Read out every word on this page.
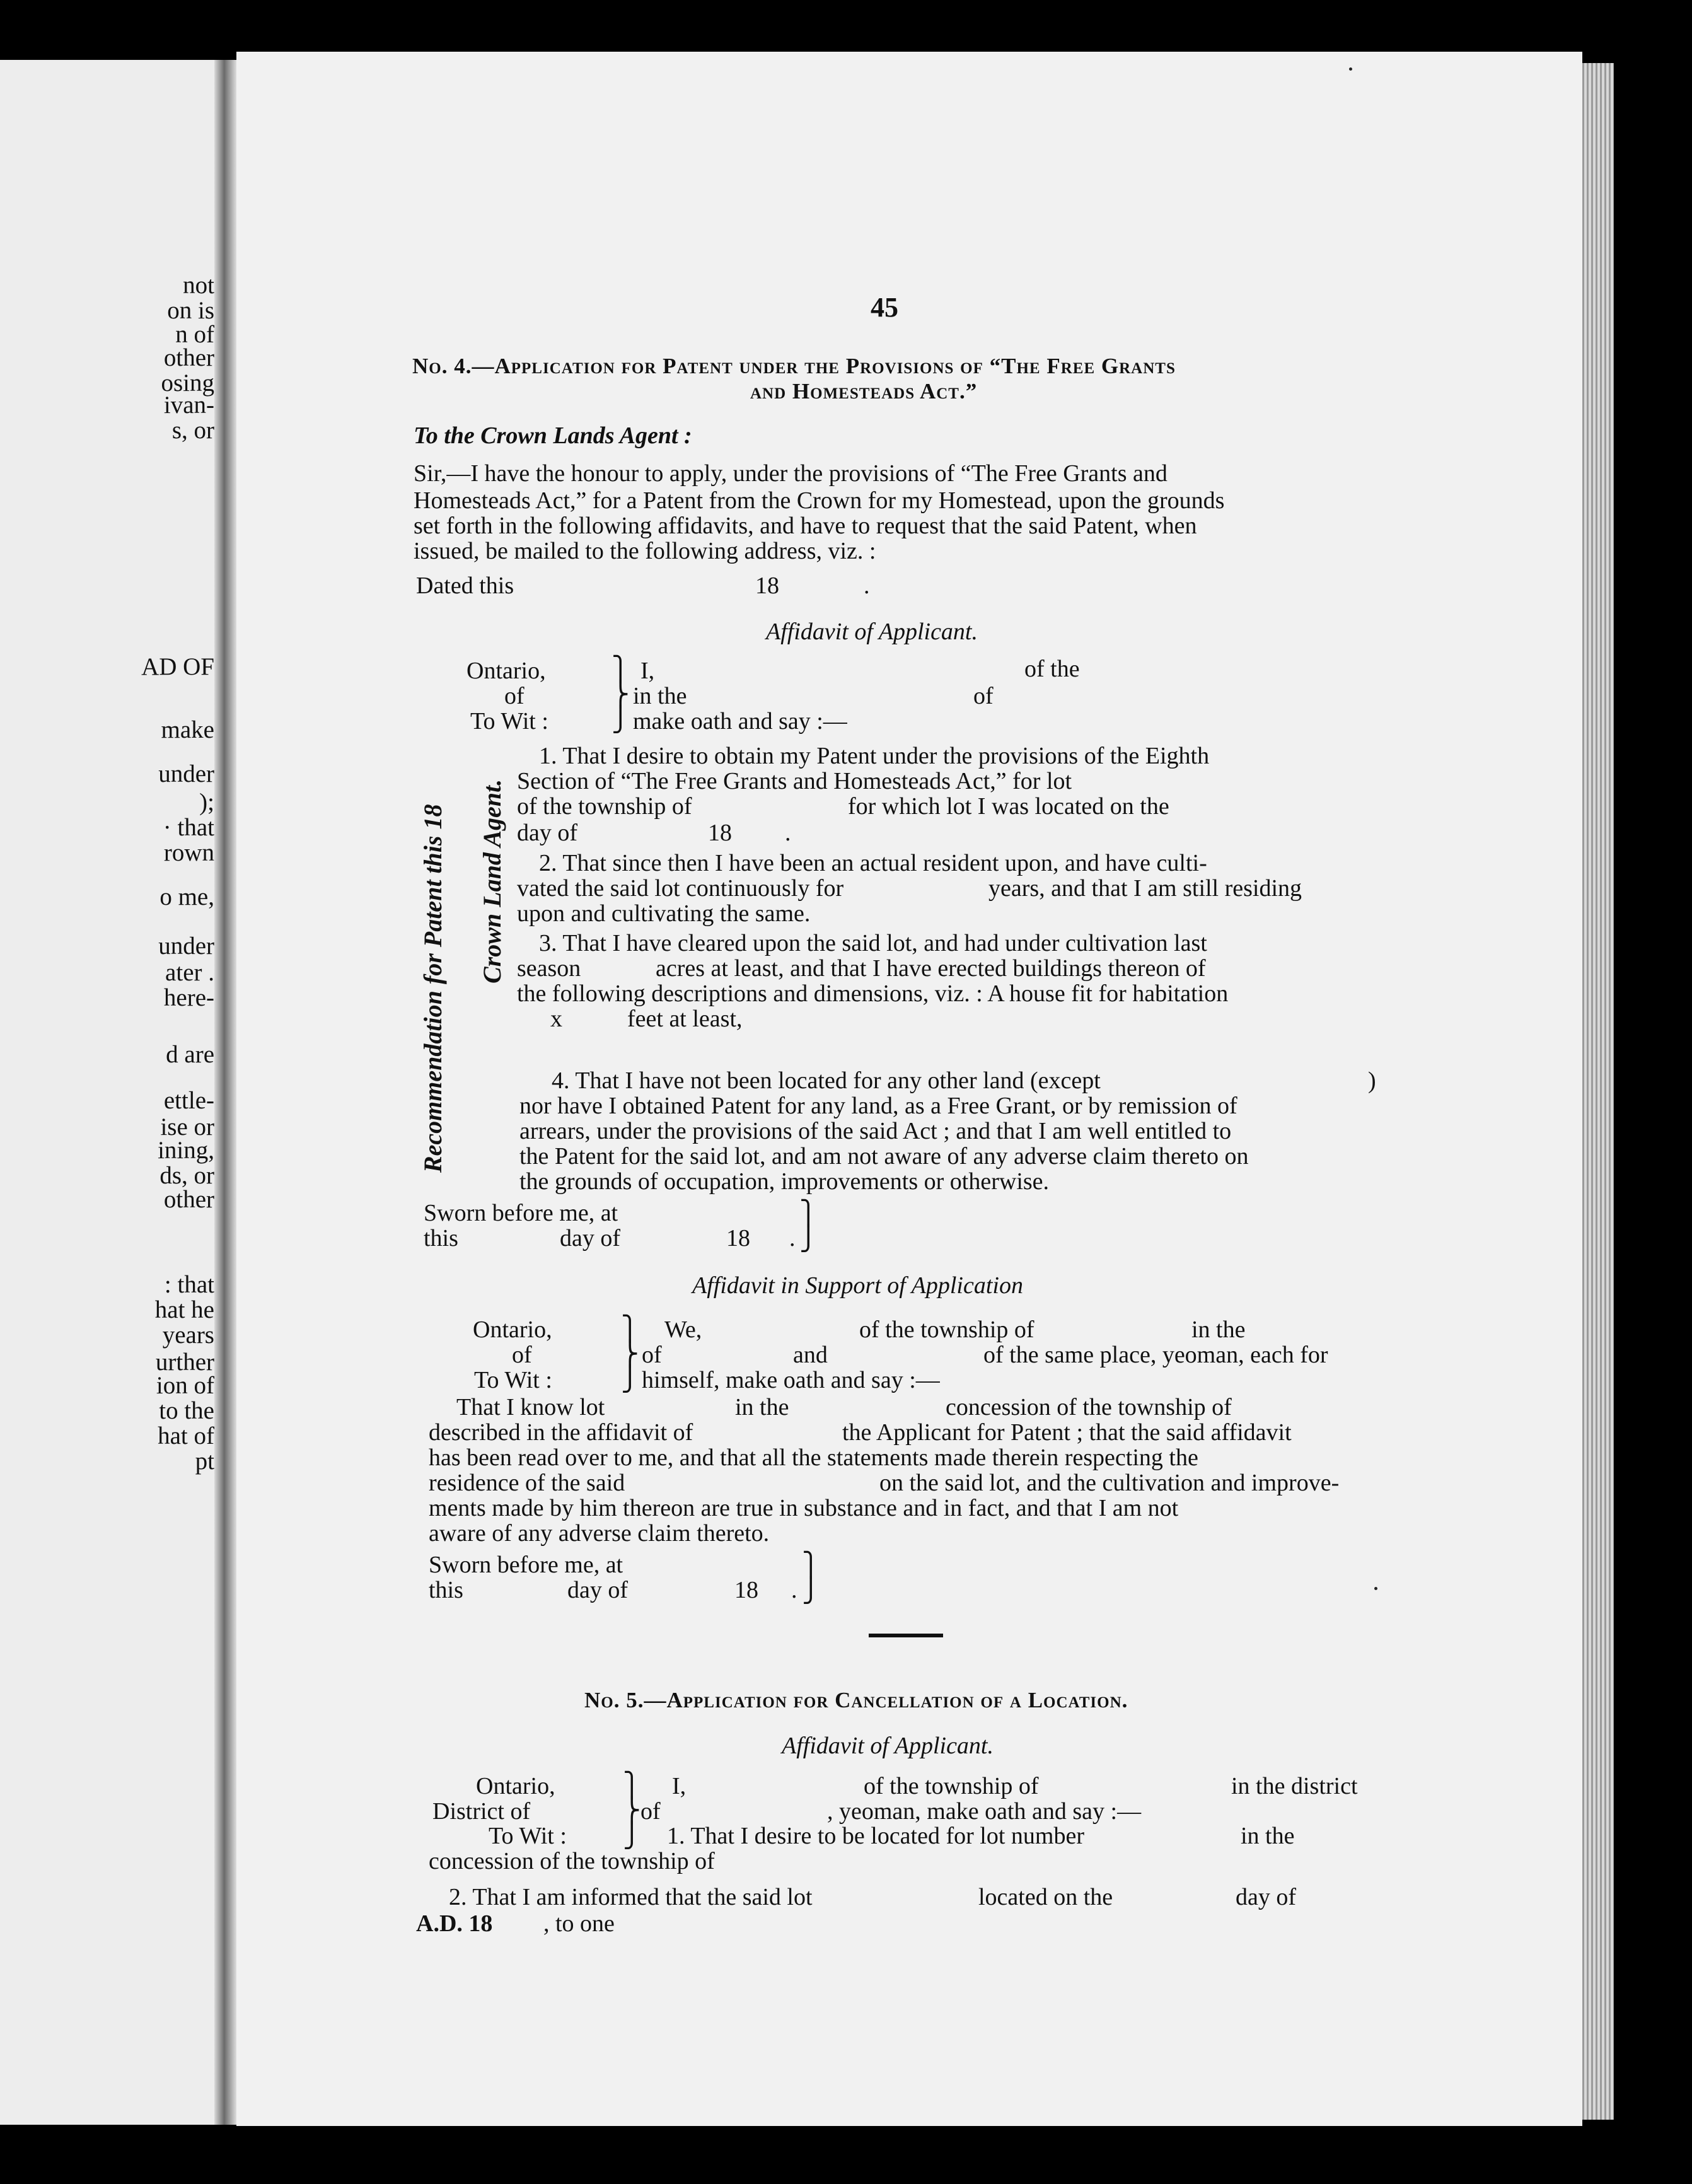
not
on is
n of
other
osing
ivan-
s, or
AD OF
make
under
);
· that
rown
o me,
under
ater .
here-
d are
ettle-
ise or
ining,
ds, or
other
: that
hat he
years
urther
ion of
to the
hat of
pt
45
No. 4.—Application for Patent under the Provisions of “The Free Grants
and Homesteads Act.”
To the Crown Lands Agent :
Sir,—I have the honour to apply, under the provisions of “The Free Grants and
Homesteads Act,” for a Patent from the Crown for my Homestead, upon the grounds
set forth in the following affidavits, and have to request that the said Patent, when
issued, be mailed to the following address, viz. :
Dated this	18	.
Affidavit of Applicant.
Ontario,
of
To Wit :
⎫
⎬
⎭
I,	of the
in the	of
make oath and say :—
Recommendation for Patent this 18 Crown Land Agent.
1. That I desire to obtain my Patent under the provisions of the Eighth
Section of “The Free Grants and Homesteads Act,” for lot
of the township of	for which lot I was located on the
day of	18 .
2. That since then I have been an actual resident upon, and have culti-
vated the said lot continuously for	years, and that I am still residing
upon and cultivating the same.
3. That I have cleared upon the said lot, and had under cultivation last
season	acres at least, and that I have erected buildings thereon of
the following descriptions and dimensions, viz. : A house fit for habitation
x	feet at least,
4. That I have not been located for any other land (except	)
nor have I obtained Patent for any land, as a Free Grant, or by remission of
arrears, under the provisions of the said Act ; and that I am well entitled to
the Patent for the said lot, and am not aware of any adverse claim thereto on
the grounds of occupation, improvements or otherwise.
Sworn before me, at
this	day of	18 .
⎫
⎭
Affidavit in Support of Application
Ontario,
of
To Wit :
⎫
⎬
⎭
We,	of the township of	in the
of	and	of the same place, yeoman, each for
himself, make oath and say :—
That I know lot	in the	concession of the township of
described in the affidavit of	the Applicant for Patent ; that the said affidavit
has been read over to me, and that all the statements made therein respecting the
residence of the said	on the said lot, and the cultivation and improve-
ments made by him thereon are true in substance and in fact, and that I am not
aware of any adverse claim thereto.
Sworn before me, at
this	day of	18 .
⎫
⎭
No. 5.—Application for Cancellation of a Location.
Affidavit of Applicant.
Ontario,
District of
To Wit :
⎫
⎬
⎭
I,	of the township of	in the district
of	, yeoman, make oath and say :—
1. That I desire to be located for lot number	in the
concession of the township of
2. That I am informed that the said lot	located on the	day of
A.D. 18 , to one
